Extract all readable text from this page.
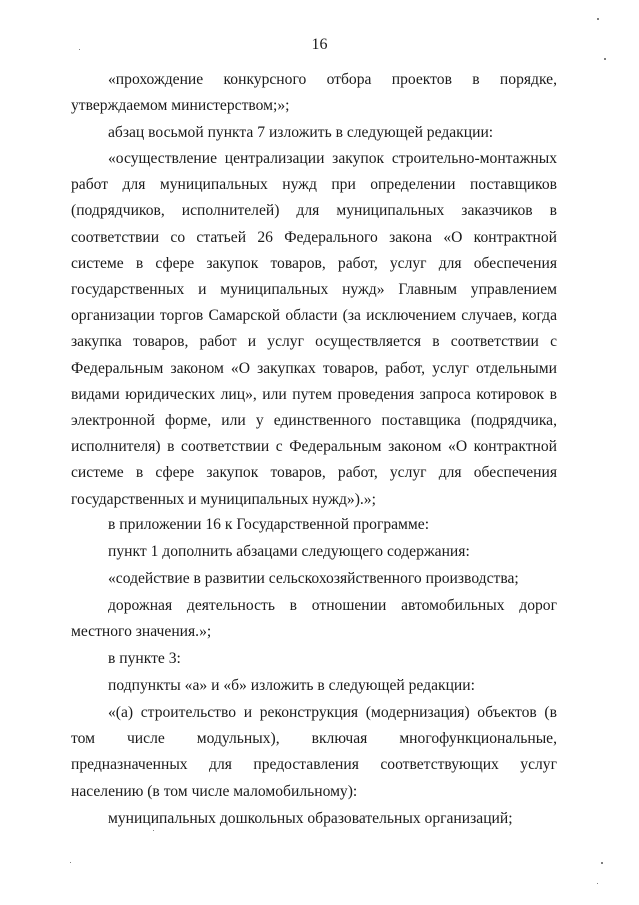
16

«прохождение конкурсного отбора проектов в порядке, утверждаемом министерством;»;

абзац восьмой пункта 7 изложить в следующей редакции:

«осуществление централизации закупок строительно-монтажных работ для муниципальных нужд при определении поставщиков (подрядчиков, исполнителей) для муниципальных заказчиков в соответствии со статьей 26 Федерального закона «О контрактной системе в сфере закупок товаров, работ, услуг для обеспечения государственных и муниципальных нужд» Главным управлением организации торгов Самарской области (за исключением случаев, когда закупка товаров, работ и услуг осуществляется в соответствии с Федеральным законом «О закупках товаров, работ, услуг отдельными видами юридических лиц», или путем проведения запроса котировок в электронной форме, или у единственного поставщика (подрядчика, исполнителя) в соответствии с Федеральным законом «О контрактной системе в сфере закупок товаров, работ, услуг для обеспечения государственных и муниципальных нужд»).»;

в приложении 16 к Государственной программе:

пункт 1 дополнить абзацами следующего содержания:

«содействие в развитии сельскохозяйственного производства;

дорожная деятельность в отношении автомобильных дорог местного значения.»;

в пункте 3:

подпункты «а» и «б» изложить в следующей редакции:

«(а) строительство и реконструкция (модернизация) объектов (в том числе модульных), включая многофункциональные, предназначенных для предоставления соответствующих услуг населению (в том числе маломобильному):

муниципальных дошкольных образовательных организаций;
